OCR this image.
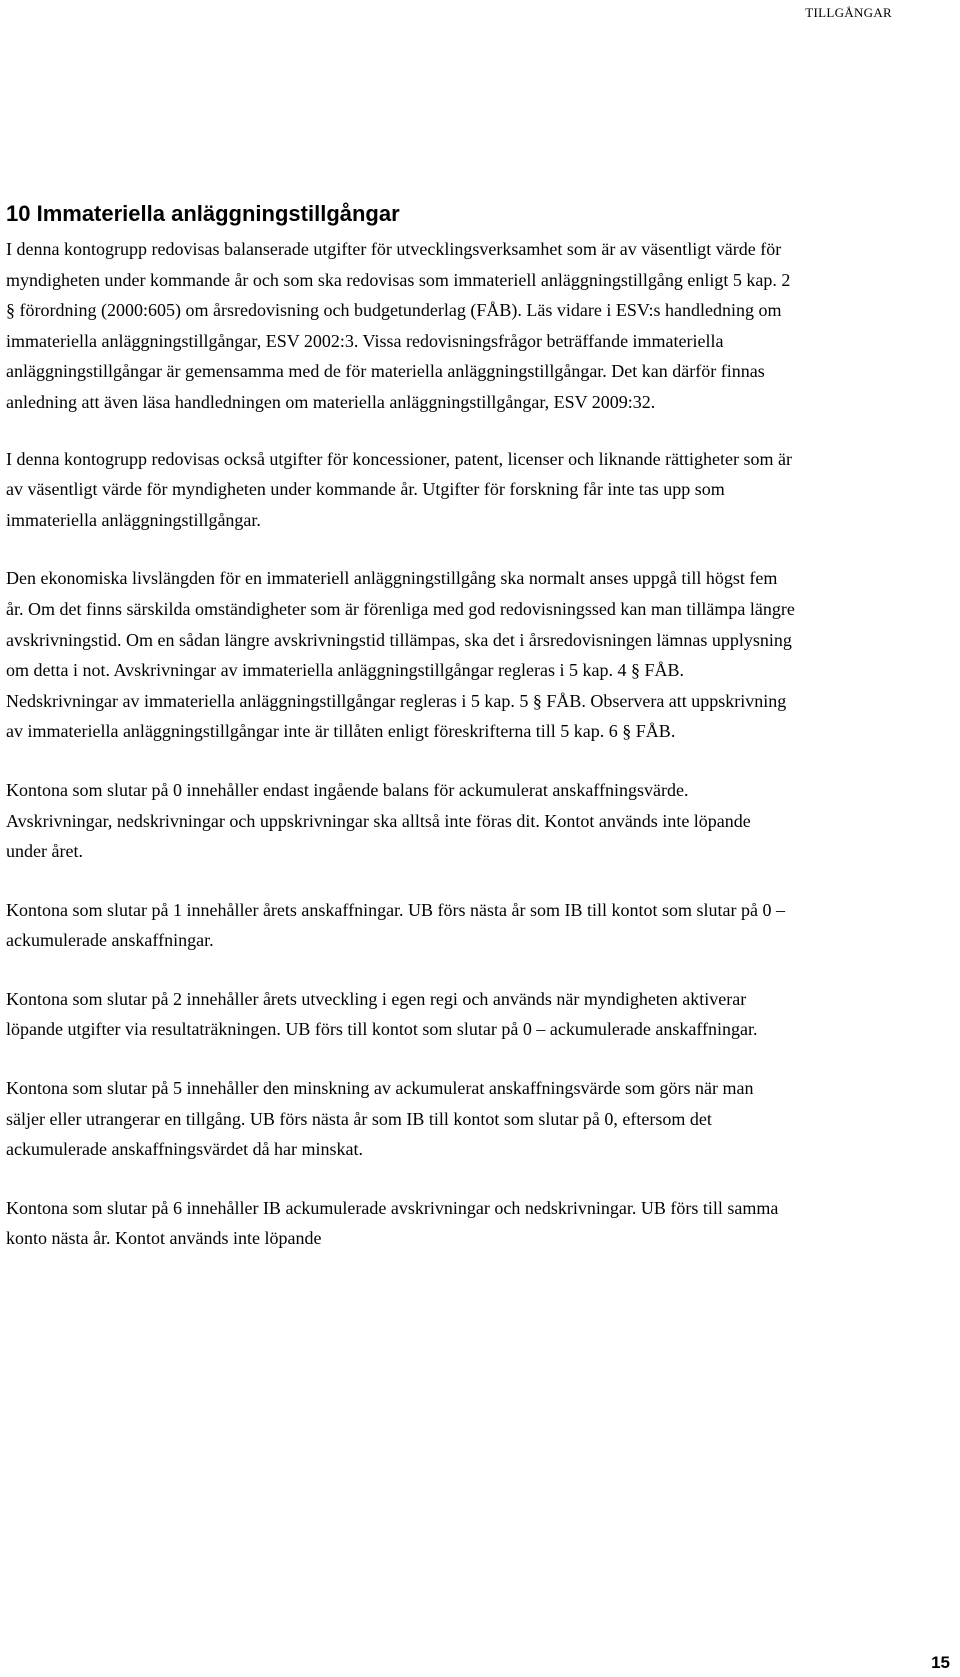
TILLGÅNGAR
10 Immateriella anläggningstillgångar

I denna kontogrupp redovisas balanserade utgifter för utvecklingsverksamhet som är av väsentligt värde för myndigheten under kommande år och som ska redovisas som immateriell anläggningstillgång enligt 5 kap. 2 § förordning (2000:605) om årsredovisning och budgetunderlag (FÅB). Läs vidare i ESV:s handledning om immateriella anläggningstillgångar, ESV 2002:3. Vissa redovisningsfrågor beträffande immateriella anläggningstillgångar är gemensamma med de för materiella anläggningstillgångar. Det kan därför finnas anledning att även läsa handledningen om materiella anläggningstillgångar, ESV 2009:32.

I denna kontogrupp redovisas också utgifter för koncessioner, patent, licenser och liknande rättigheter som är av väsentligt värde för myndigheten under kommande år. Utgifter för forskning får inte tas upp som immateriella anläggningstillgångar.

Den ekonomiska livslängden för en immateriell anläggningstillgång ska normalt anses uppgå till högst fem år. Om det finns särskilda omständigheter som är förenliga med god redovisningssed kan man tillämpa längre avskrivningstid. Om en sådan längre avskrivningstid tillämpas, ska det i årsredovisningen lämnas upplysning om detta i not. Avskrivningar av immateriella anläggningstillgångar regleras i 5 kap. 4 § FÅB. Nedskrivningar av immateriella anläggningstillgångar regleras i 5 kap. 5 § FÅB. Observera att uppskrivning av immateriella anläggningstillgångar inte är tillåten enligt föreskrifterna till 5 kap. 6 § FÅB.

Kontona som slutar på 0 innehåller endast ingående balans för ackumulerat anskaffningsvärde. Avskrivningar, nedskrivningar och uppskrivningar ska alltså inte föras dit. Kontot används inte löpande under året.

Kontona som slutar på 1 innehåller årets anskaffningar. UB förs nästa år som IB till kontot som slutar på 0 – ackumulerade anskaffningar.

Kontona som slutar på 2 innehåller årets utveckling i egen regi och används när myndigheten aktiverar löpande utgifter via resultaträkningen. UB förs till kontot som slutar på 0 – ackumulerade anskaffningar.

Kontona som slutar på 5 innehåller den minskning av ackumulerat anskaffningsvärde som görs när man säljer eller utrangerar en tillgång. UB förs nästa år som IB till kontot som slutar på 0, eftersom det ackumulerade anskaffningsvärdet då har minskat.

Kontona som slutar på 6 innehåller IB ackumulerade avskrivningar och nedskrivningar. UB förs till samma konto nästa år. Kontot används inte löpande

15
